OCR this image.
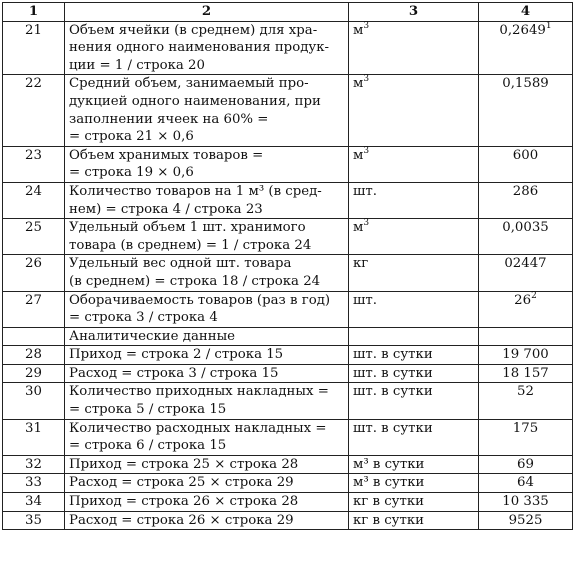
1	2	3	4
21	Объем ячейки (в среднем) для хра-
нения одного наименования продук-
ции = 1 / строка 20	$м^3$	0,2649$^1$
22	Средний объем, занимаемый про-
дукцией одного наименования, при
заполнении ячеек на 60% =
= строка 21 × 0,6	$м^3$	0,1589
23	Объем хранимых товаров =
= строка 19 × 0,6	$м^3$	600
24	Количество товаров на 1 м³ (в сред-
нем) = строка 4 / строка 23	шт.	286
25	Удельный объем 1 шт. хранимого
товара (в среднем) = 1 / строка 24	$м^3$	0,0035
26	Удельный вес одной шт. товара
(в среднем) = строка 18 / строка 24	кг	02447
27	Оборачиваемость товаров (раз в год)
= строка 3 / строка 4	шт.	$26^2$

	Аналитические данные		

28	Приход = строка 2 / строка 15	шт. в сутки	19 700
29	Расход = строка 3 / строка 15	шт. в сутки	18 157
30	Количество приходных накладных =
= строка 5 / строка 15	шт. в сутки	52
31	Количество расходных накладных =
= строка 6 / строка 15	шт. в сутки	175
32	Приход = строка 25 × строка 28	м³ в сутки	69
33	Расход = строка 25 × строка 29	м³ в сутки	64
34	Приход = строка 26 × строка 28	кг в сутки	10 335
35	Расход = строка 26 × строка 29	кг в сутки	9525
